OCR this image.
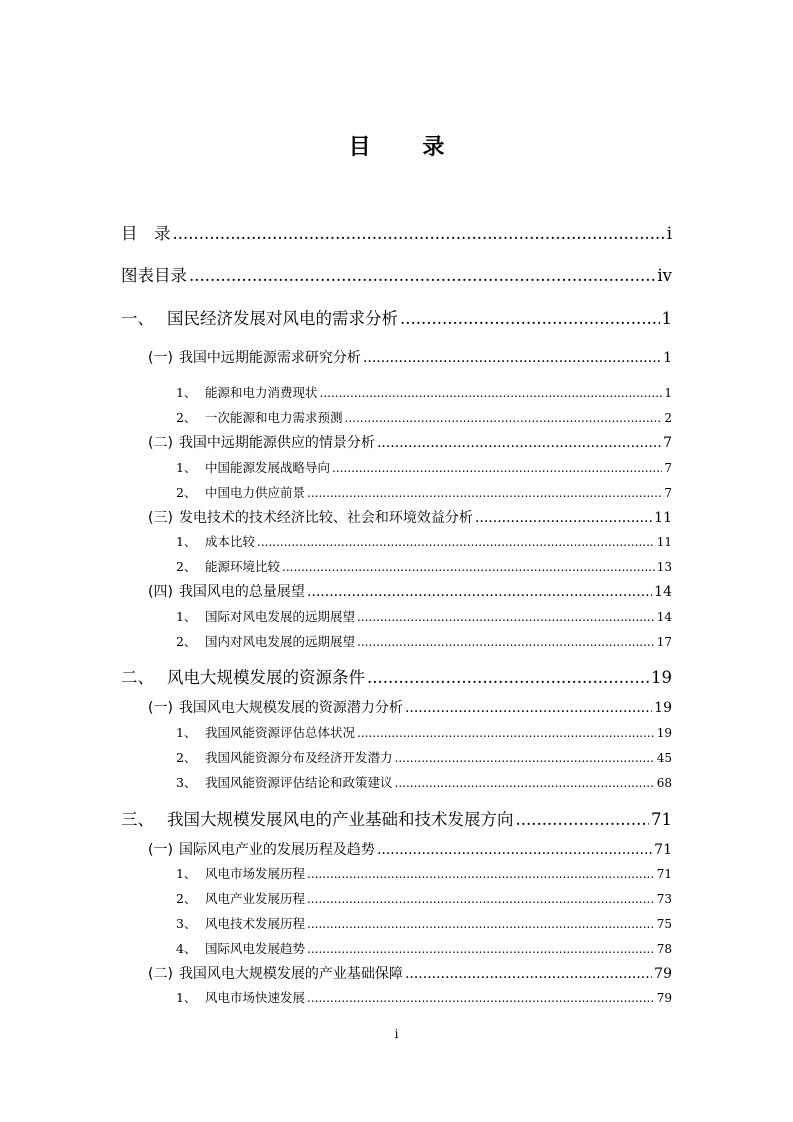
目 录
目　录 .....	i
图表目录 .....	iv
一、 国民经济发展对风电的需求分析 .....	1
(一) 我国中远期能源需求研究分析 .....	1
1、 能源和电力消费现状 .....	1
2、 一次能源和电力需求预测 .....	2
(二) 我国中远期能源供应的情景分析 .....	7
1、 中国能源发展战略导向 .....	7
2、 中国电力供应前景 .....	7
(三) 发电技术的技术经济比较、社会和环境效益分析 .....	11
1、 成本比较 .....	11
2、 能源环境比较 .....	13
(四) 我国风电的总量展望 .....	14
1、 国际对风电发展的远期展望 .....	14
2、 国内对风电发展的远期展望 .....	17
二、 风电大规模发展的资源条件 .....	19
(一) 我国风电大规模发展的资源潜力分析 .....	19
1、 我国风能资源评估总体状况 .....	19
2、 我国风能资源分布及经济开发潜力 .....	45
3、 我国风能资源评估结论和政策建议 .....	68
三、 我国大规模发展风电的产业基础和技术发展方向 .....	71
(一) 国际风电产业的发展历程及趋势 .....	71
1、 风电市场发展历程 .....	71
2、 风电产业发展历程 .....	73
3、 风电技术发展历程 .....	75
4、 国际风电发展趋势 .....	78
(二) 我国风电大规模发展的产业基础保障 .....	79
1、 风电市场快速发展 .....	79
i
